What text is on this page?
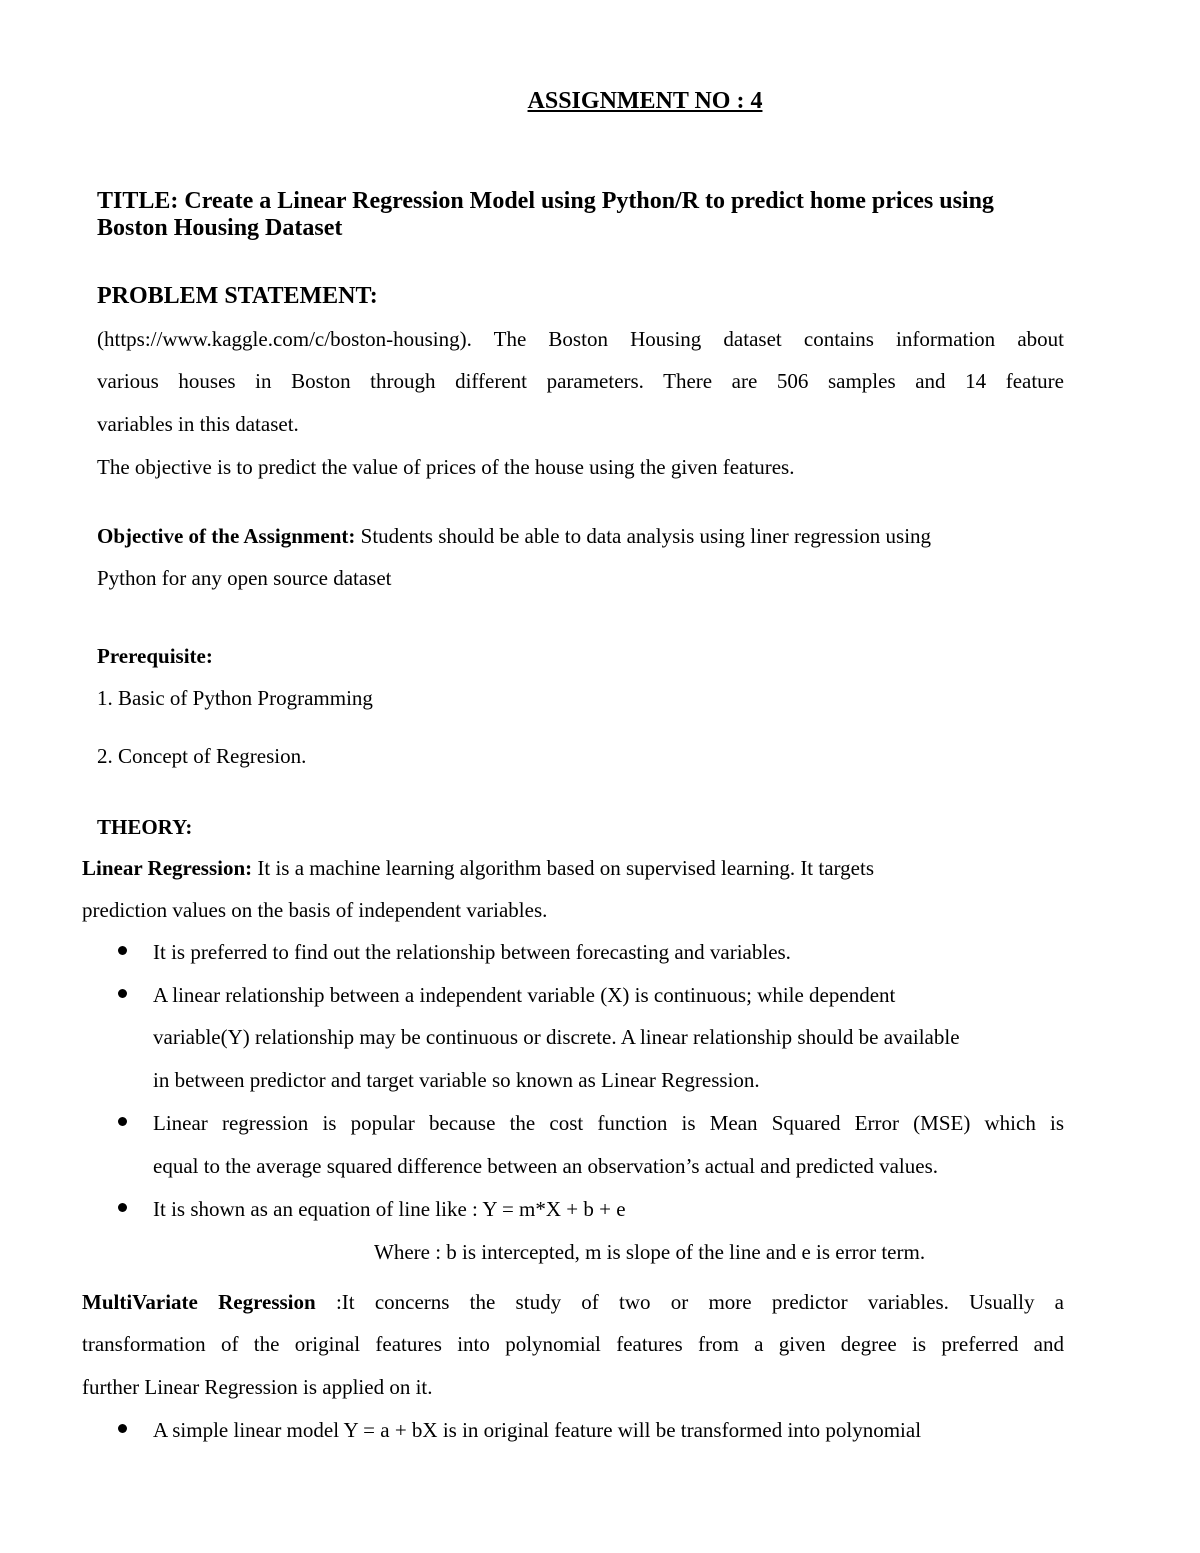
ASSIGNMENT NO : 4
TITLE: Create a Linear Regression Model using Python/R to predict home prices using
Boston Housing Dataset
PROBLEM STATEMENT:
(https://www.kaggle.com/c/boston-housing). The Boston Housing dataset contains information about
various houses in Boston through different parameters. There are 506 samples and 14 feature
variables in this dataset.
The objective is to predict the value of prices of the house using the given features.
Objective of the Assignment: Students should be able to data analysis using liner regression using
Python for any open source dataset
Prerequisite:
1. Basic of Python Programming
2. Concept of Regresion.
THEORY:
Linear Regression: It is a machine learning algorithm based on supervised learning. It targets
prediction values on the basis of independent variables.
It is preferred to find out the relationship between forecasting and variables.
A linear relationship between a independent variable (X) is continuous; while dependent
variable(Y) relationship may be continuous or discrete. A linear relationship should be available
in between predictor and target variable so known as Linear Regression.
Linear regression is popular because the cost function is Mean Squared Error (MSE) which is
equal to the average squared difference between an observation’s actual and predicted values.
It is shown as an equation of line like : Y = m*X + b + e
Where : b is intercepted, m is slope of the line and e is error term.
MultiVariate Regression :It concerns the study of two or more predictor variables. Usually a
transformation of the original features into polynomial features from a given degree is preferred and
further Linear Regression is applied on it.
A simple linear model Y = a + bX is in original feature will be transformed into polynomial
